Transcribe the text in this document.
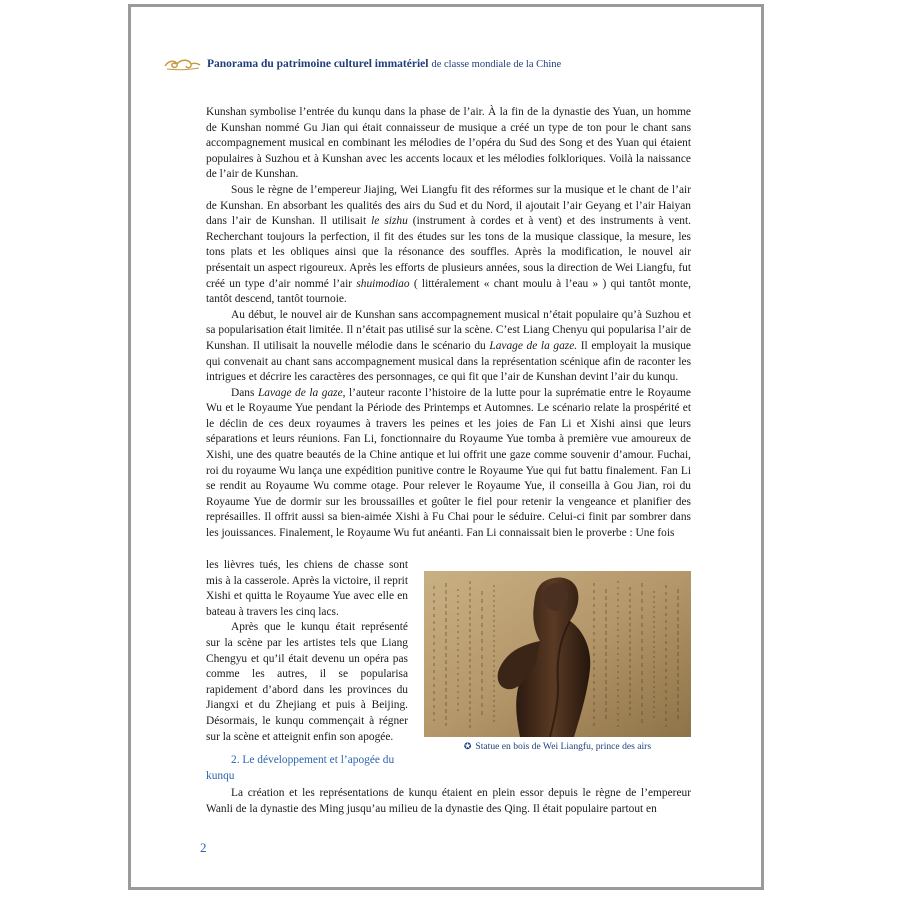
Panorama du patrimoine culturel immatériel de classe mondiale de la Chine

Kunshan symbolise l’entrée du kunqu dans la phase de l’air. À la fin de la dynastie des Yuan, un homme de Kunshan nommé Gu Jian qui était connaisseur de musique a créé un type de ton pour le chant sans accompagnement musical en combinant les mélodies de l’opéra du Sud des Song et des Yuan qui étaient populaires à Suzhou et à Kunshan avec les accents locaux et les mélodies folkloriques. Voilà la naissance de l’air de Kunshan.

Sous le règne de l’empereur Jiajing, Wei Liangfu fit des réformes sur la musique et le chant de l’air de Kunshan. En absorbant les qualités des airs du Sud et du Nord, il ajoutait l’air Geyang et l’air Haiyan dans l’air de Kunshan. Il utilisait le sizhu (instrument à cordes et à vent) et des instruments à vent. Recherchant toujours la perfection, il fit des études sur les tons de la musique classique, la mesure, les tons plats et les obliques ainsi que la résonance des souffles. Après la modification, le nouvel air présentait un aspect rigoureux. Après les efforts de plusieurs années, sous la direction de Wei Liangfu, fut créé un type d’air nommé l’air shuimodiao ( littéralement « chant moulu à l’eau » ) qui tantôt monte, tantôt descend, tantôt tournoie.

Au début, le nouvel air de Kunshan sans accompagnement musical n’était populaire qu’à Suzhou et sa popularisation était limitée. Il n’était pas utilisé sur la scène. C’est Liang Chenyu qui popularisa l’air de Kunshan. Il utilisait la nouvelle mélodie dans le scénario du Lavage de la gaze. Il employait la musique qui convenait au chant sans accompagnement musical dans la représentation scénique afin de raconter les intrigues et décrire les caractères des personnages, ce qui fit que l’air de Kunshan devint l’air du kunqu.

Dans Lavage de la gaze, l’auteur raconte l’histoire de la lutte pour la suprématie entre le Royaume Wu et le Royaume Yue pendant la Période des Printemps et Automnes. Le scénario relate la prospérité et le déclin de ces deux royaumes à travers les peines et les joies de Fan Li et Xishi ainsi que leurs séparations et leurs réunions. Fan Li, fonctionnaire du Royaume Yue tomba à première vue amoureux de Xishi, une des quatre beautés de la Chine antique et lui offrit une gaze comme souvenir d’amour. Fuchai, roi du royaume Wu lança une expédition punitive contre le Royaume Yue qui fut battu finalement. Fan Li se rendit au Royaume Wu comme otage. Pour relever le Royaume Yue, il conseilla à Gou Jian, roi du Royaume Yue de dormir sur les broussailles et goûter le fiel pour retenir la vengeance et planifier des représailles. Il offrit aussi sa bien-aimée Xishi à Fu Chai pour le séduire. Celui-ci finit par sombrer dans les jouissances. Finalement, le Royaume Wu fut anéanti. Fan Li connaissait bien le proverbe : Une fois

les lièvres tués, les chiens de chasse sont mis à la casserole. Après la victoire, il reprit Xishi et quitta le Royaume Yue avec elle en bateau à travers les cinq lacs.

Après que le kunqu était représenté sur la scène par les artistes tels que Liang Chengyu et qu’il était devenu un opéra pas comme les autres, il se popularisa rapidement d’abord dans les provinces du Jiangxi et du Zhejiang et puis à Beijing. Désormais, le kunqu commençait à régner sur la scène et atteignit enfin son apogée.

2. Le développement et l’apogée du kunqu

La création et les représentations de kunqu étaient en plein essor depuis le règne de l’empereur Wanli de la dynastie des Ming jusqu’au milieu de la dynastie des Qing. Il était populaire partout en

✪ Statue en bois de Wei Liangfu, prince des airs
2
